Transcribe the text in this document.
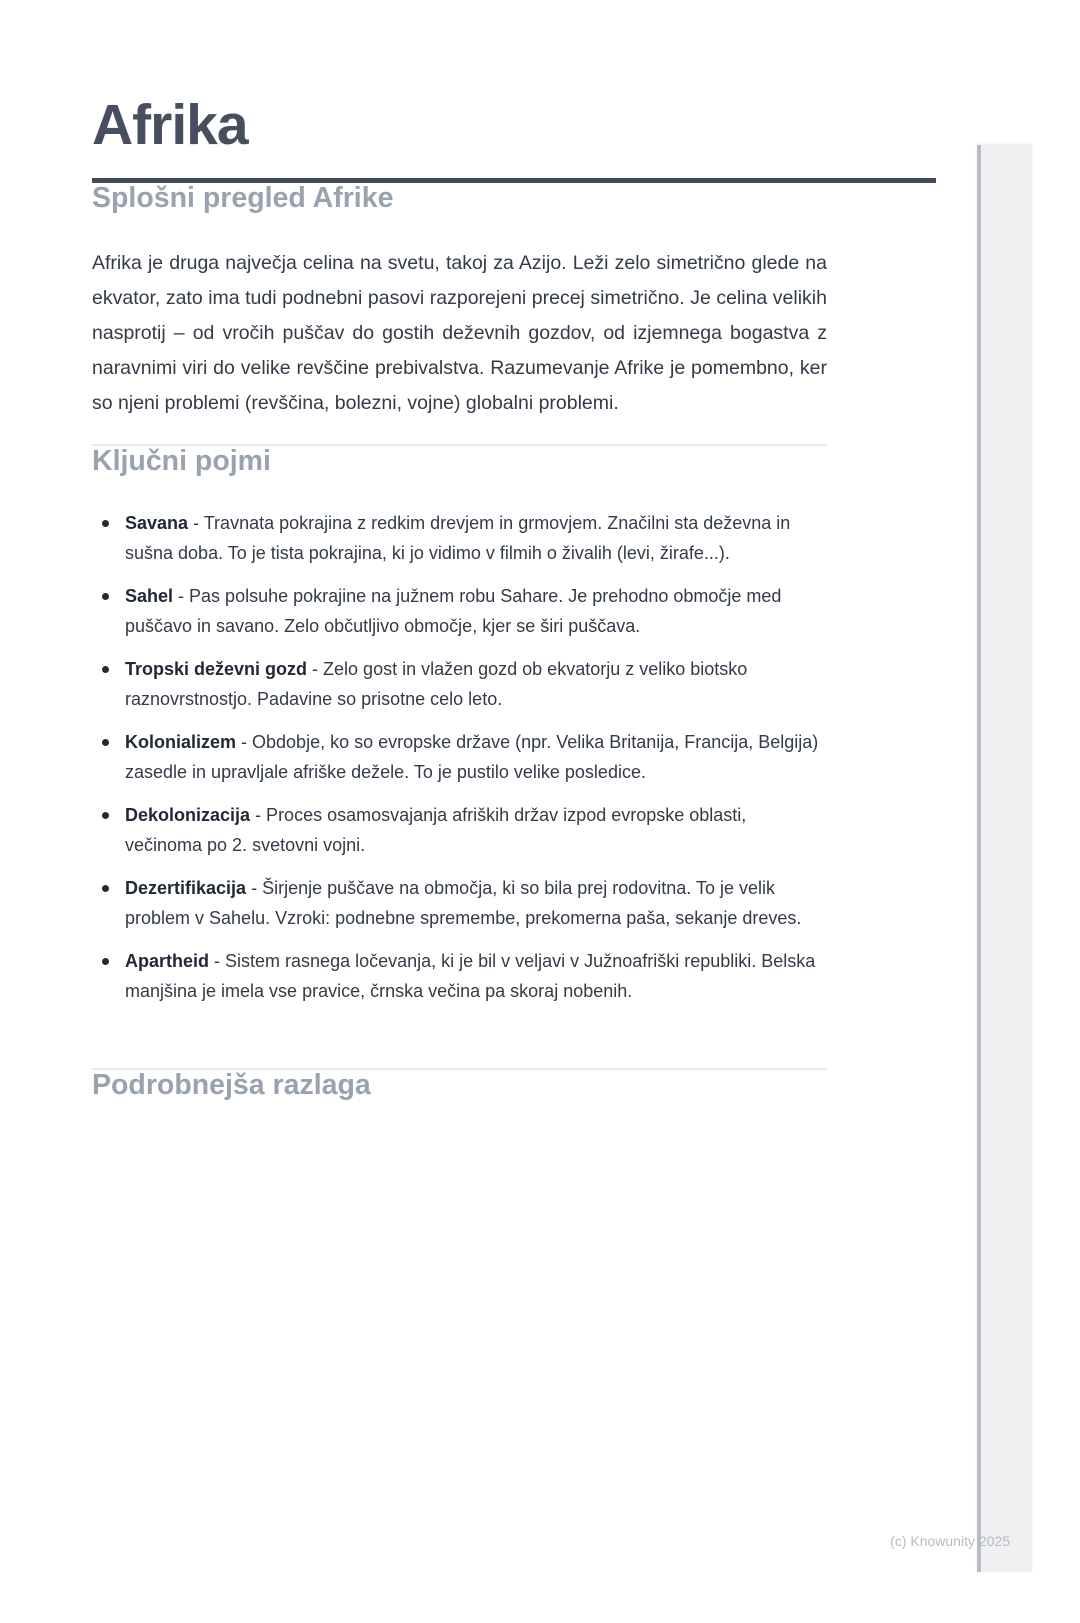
Afrika
Splošni pregled Afrike

Afrika je druga največja celina na svetu, takoj za Azijo. Leži zelo simetrično glede na ekvator, zato ima tudi podnebni pasovi razporejeni precej simetrično. Je celina velikih nasprotij – od vročih puščav do gostih deževnih gozdov, od izjemnega bogastva z naravnimi viri do velike revščine prebivalstva. Razumevanje Afrike je pomembno, ker so njeni problemi (revščina, bolezni, vojne) globalni problemi.

Ključni pojmi
Savana - Travnata pokrajina z redkim drevjem in grmovjem. Značilni sta deževna in sušna doba. To je tista pokrajina, ki jo vidimo v filmih o živalih (levi, žirafe...).
Sahel - Pas polsuhe pokrajine na južnem robu Sahare. Je prehodno območje med puščavo in savano. Zelo občutljivo območje, kjer se širi puščava.
Tropski deževni gozd - Zelo gost in vlažen gozd ob ekvatorju z veliko biotsko raznovrstnostjo. Padavine so prisotne celo leto.
Kolonializem - Obdobje, ko so evropske države (npr. Velika Britanija, Francija, Belgija) zasedle in upravljale afriške dežele. To je pustilo velike posledice.
Dekolonizacija - Proces osamosvajanja afriških držav izpod evropske oblasti, večinoma po 2. svetovni vojni.
Dezertifikacija - Širjenje puščave na območja, ki so bila prej rodovitna. To je velik problem v Sahelu. Vzroki: podnebne spremembe, prekomerna paša, sekanje dreves.
Apartheid - Sistem rasnega ločevanja, ki je bil v veljavi v Južnoafriški republiki. Belska manjšina je imela vse pravice, črnska večina pa skoraj nobenih.
Podrobnejša razlaga
(c) Knowunity 2025
